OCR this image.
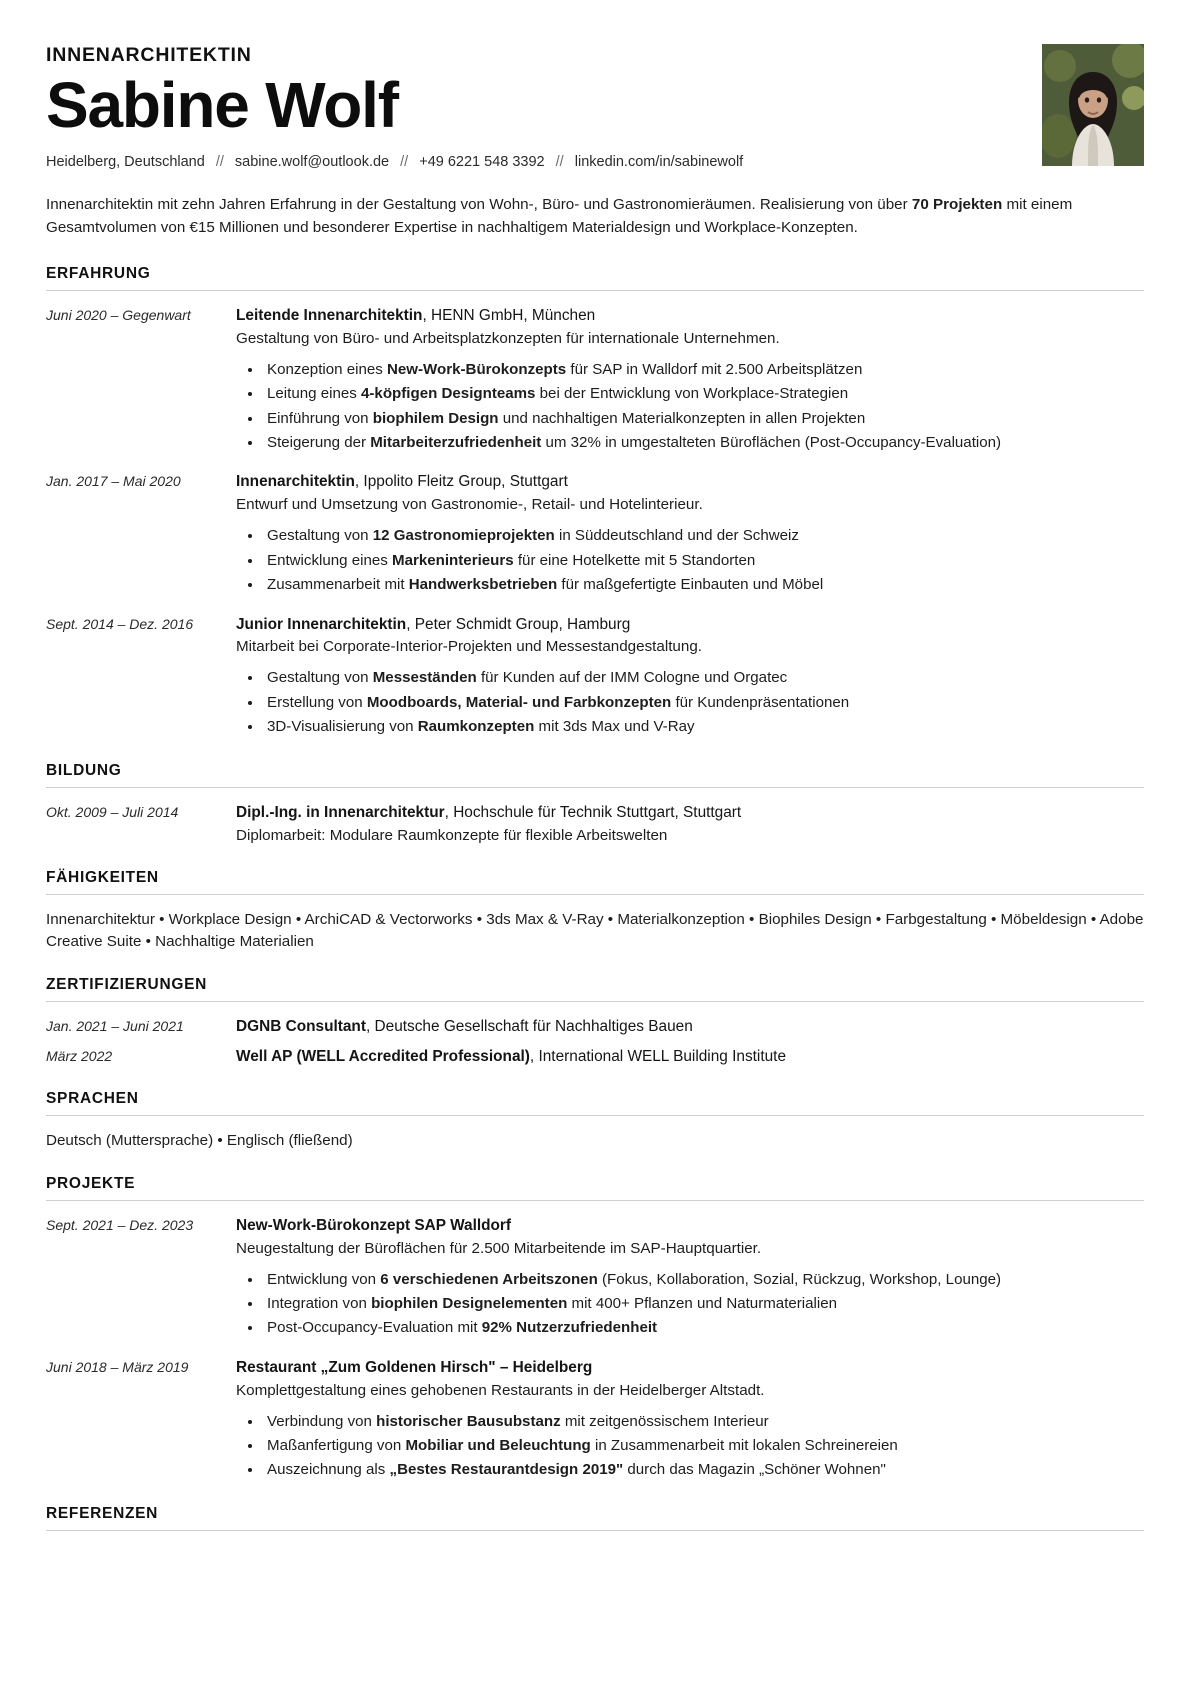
INNENARCHITEKTIN
Sabine Wolf
Heidelberg, Deutschland // sabine.wolf@outlook.de // +49 6221 548 3392 // linkedin.com/in/sabinewolf

Innenarchitektin mit zehn Jahren Erfahrung in der Gestaltung von Wohn-, Büro- und Gastronomieräumen. Realisierung von über 70 Projekten mit einem Gesamtvolumen von €15 Millionen und besonderer Expertise in nachhaltigem Materialdesign und Workplace-Konzepten.

ERFAHRUNG
Juni 2020 – Gegenwart	Leitende Innenarchitektin, HENN GmbH, München
Gestaltung von Büro- und Arbeitsplatzkonzepten für internationale Unternehmen.
• Konzeption eines New-Work-Bürokonzepts für SAP in Walldorf mit 2.500 Arbeitsplätzen
• Leitung eines 4-köpfigen Designteams bei der Entwicklung von Workplace-Strategien
• Einführung von biophilem Design und nachhaltigen Materialkonzepten in allen Projekten
• Steigerung der Mitarbeiterzufriedenheit um 32% in umgestalteten Büroflächen (Post-Occupancy-Evaluation)
Jan. 2017 – Mai 2020	Innenarchitektin, Ippolito Fleitz Group, Stuttgart
Entwurf und Umsetzung von Gastronomie-, Retail- und Hotelinterieur.
• Gestaltung von 12 Gastronomieprojekten in Süddeutschland und der Schweiz
• Entwicklung eines Markeninterieurs für eine Hotelkette mit 5 Standorten
• Zusammenarbeit mit Handwerksbetrieben für maßgefertigte Einbauten und Möbel
Sept. 2014 – Dez. 2016	Junior Innenarchitektin, Peter Schmidt Group, Hamburg
Mitarbeit bei Corporate-Interior-Projekten und Messestandgestaltung.
• Gestaltung von Messeständen für Kunden auf der IMM Cologne und Orgatec
• Erstellung von Moodboards, Material- und Farbkonzepten für Kundenpräsentationen
• 3D-Visualisierung von Raumkonzepten mit 3ds Max und V-Ray
BILDUNG
Okt. 2009 – Juli 2014	Dipl.-Ing. in Innenarchitektur, Hochschule für Technik Stuttgart, Stuttgart
Diplomarbeit: Modulare Raumkonzepte für flexible Arbeitswelten
FÄHIGKEITEN
Innenarchitektur • Workplace Design • ArchiCAD & Vectorworks • 3ds Max & V-Ray • Materialkonzeption • Biophiles Design • Farbgestaltung • Möbeldesign • Adobe Creative Suite • Nachhaltige Materialien
ZERTIFIZIERUNGEN
Jan. 2021 – Juni 2021	DGNB Consultant, Deutsche Gesellschaft für Nachhaltiges Bauen
März 2022	Well AP (WELL Accredited Professional), International WELL Building Institute
SPRACHEN
Deutsch (Muttersprache) • Englisch (fließend)
PROJEKTE
Sept. 2021 – Dez. 2023	New-Work-Bürokonzept SAP Walldorf
Neugestaltung der Büroflächen für 2.500 Mitarbeitende im SAP-Hauptquartier.
• Entwicklung von 6 verschiedenen Arbeitszonen (Fokus, Kollaboration, Sozial, Rückzug, Workshop, Lounge)
• Integration von biophilen Designelementen mit 400+ Pflanzen und Naturmaterialien
• Post-Occupancy-Evaluation mit 92% Nutzerzufriedenheit
Juni 2018 – März 2019	Restaurant „Zum Goldenen Hirsch" – Heidelberg
Komplettgestaltung eines gehobenen Restaurants in der Heidelberger Altstadt.
• Verbindung von historischer Bausubstanz mit zeitgenössischem Interieur
• Maßanfertigung von Mobiliar und Beleuchtung in Zusammenarbeit mit lokalen Schreinereien
• Auszeichnung als „Bestes Restaurantdesign 2019" durch das Magazin „Schöner Wohnen"
REFERENZEN
